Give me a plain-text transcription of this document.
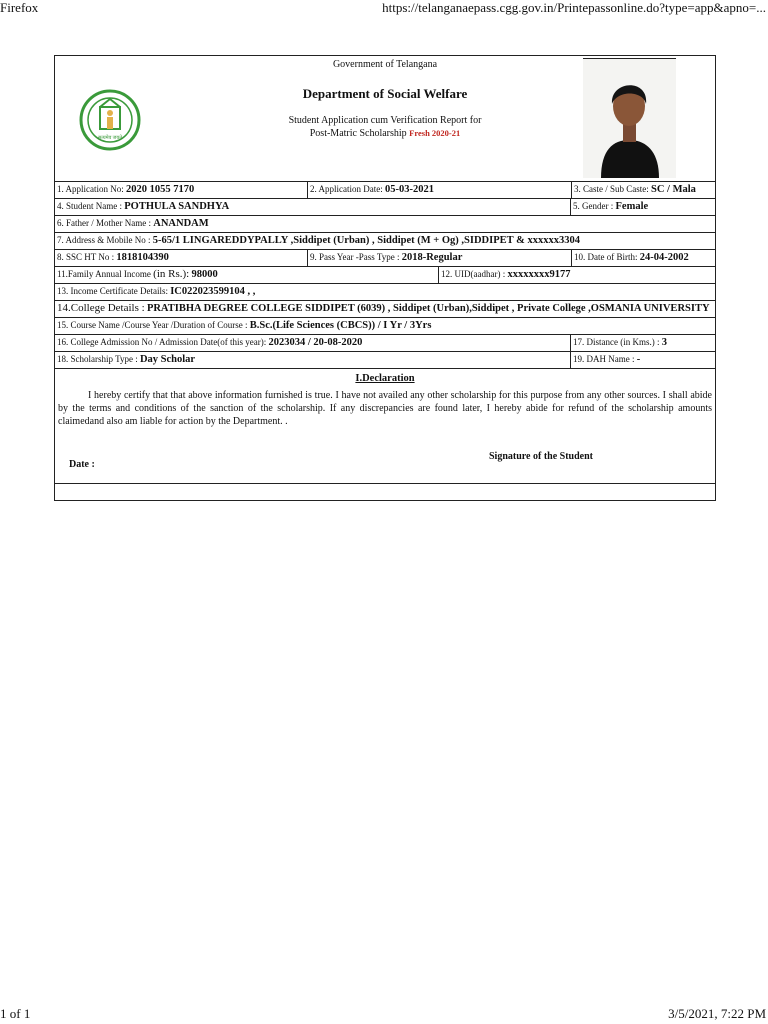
Firefox	https://telanganaepass.cgg.gov.in/Printepassonline.do?type=app&apno=...
सत्यमेव जयते
Government of Telangana
Department of Social Welfare
Student Application cum Verification Report for
Post-Matric Scholarship Fresh 2020-21
1. Application No: 2020 1055 7170	2. Application Date: 05-03-2021	3. Caste / Sub Caste: SC / Mala
4. Student Name : POTHULA SANDHYA	5. Gender : Female
6. Father / Mother Name : ANANDAM
7. Address & Mobile No : 5-65/1 LINGAREDDYPALLY ,Siddipet (Urban) , Siddipet (M + Og) ,SIDDIPET & xxxxxx3304
8. SSC HT No : 1818104390	9. Pass Year -Pass Type : 2018-Regular	10. Date of Birth: 24-04-2002
11.Family Annual Income (in Rs.): 98000	12. UID(aadhar) : xxxxxxxx9177
13. Income Certificate Details: IC022023599104 , ,
14.College Details : PRATIBHA DEGREE COLLEGE SIDDIPET (6039) , Siddipet (Urban),Siddipet , Private College ,OSMANIA UNIVERSITY
15. Course Name /Course Year /Duration of Course : B.Sc.(Life Sciences (CBCS)) / I Yr / 3Yrs
16. College Admission No / Admission Date(of this year): 2023034 / 20-08-2020	17. Distance (in Kms.) : 3
18. Scholarship Type : Day Scholar	19. DAH Name : -
I.Declaration
I hereby certify that that above information furnished is true. I have not availed any other scholarship for this purpose from any other sources. I shall abide by the terms and conditions of the sanction of the scholarship. If any discrepancies are found later, I hereby abide for refund of the scholarship amounts claimedand also am liable for action by the Department. .
Signature of the Student
Date :
1 of 1	3/5/2021, 7:22 PM
